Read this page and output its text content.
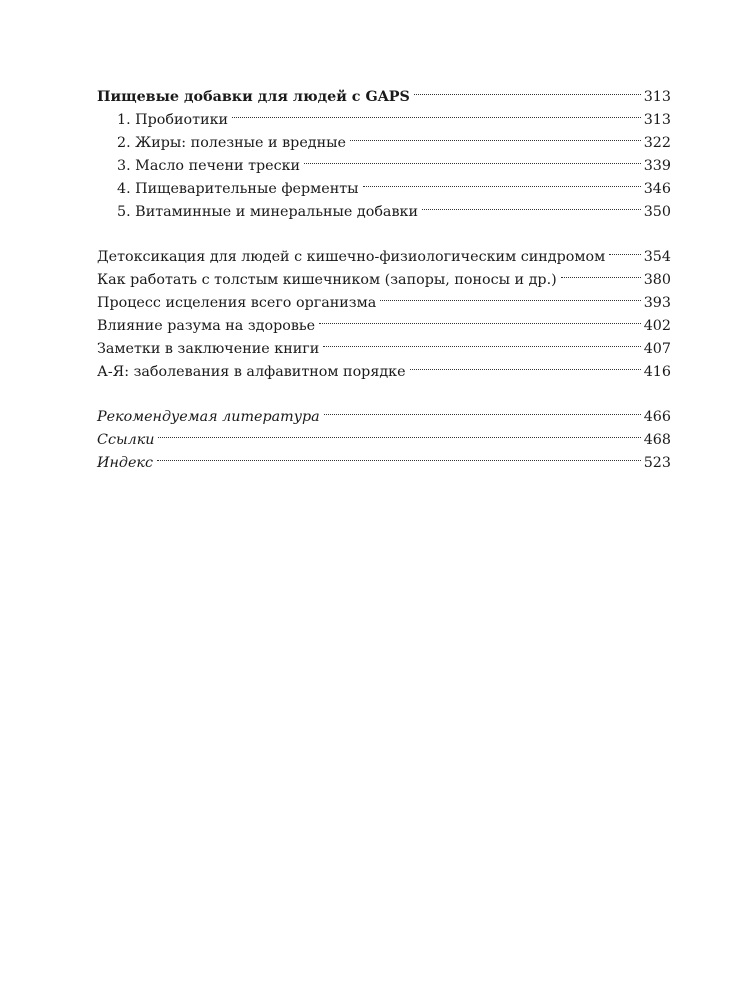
Пищевые добавки для людей с GAPS	313
1. Пробиотики	313
2. Жиры: полезные и вредные	322
3. Масло печени трески	339
4. Пищеварительные ферменты	346
5. Витаминные и минеральные добавки	350
Детоксикация для людей с кишечно-физиологическим синдромом	354
Как работать с толстым кишечником (запоры, поносы и др.)	380
Процесс исцеления всего организма	393
Влияние разума на здоровье	402
Заметки в заключение книги	407
А-Я: заболевания в алфавитном порядке	416
Рекомендуемая литература	466
Ссылки	468
Индекс	523
